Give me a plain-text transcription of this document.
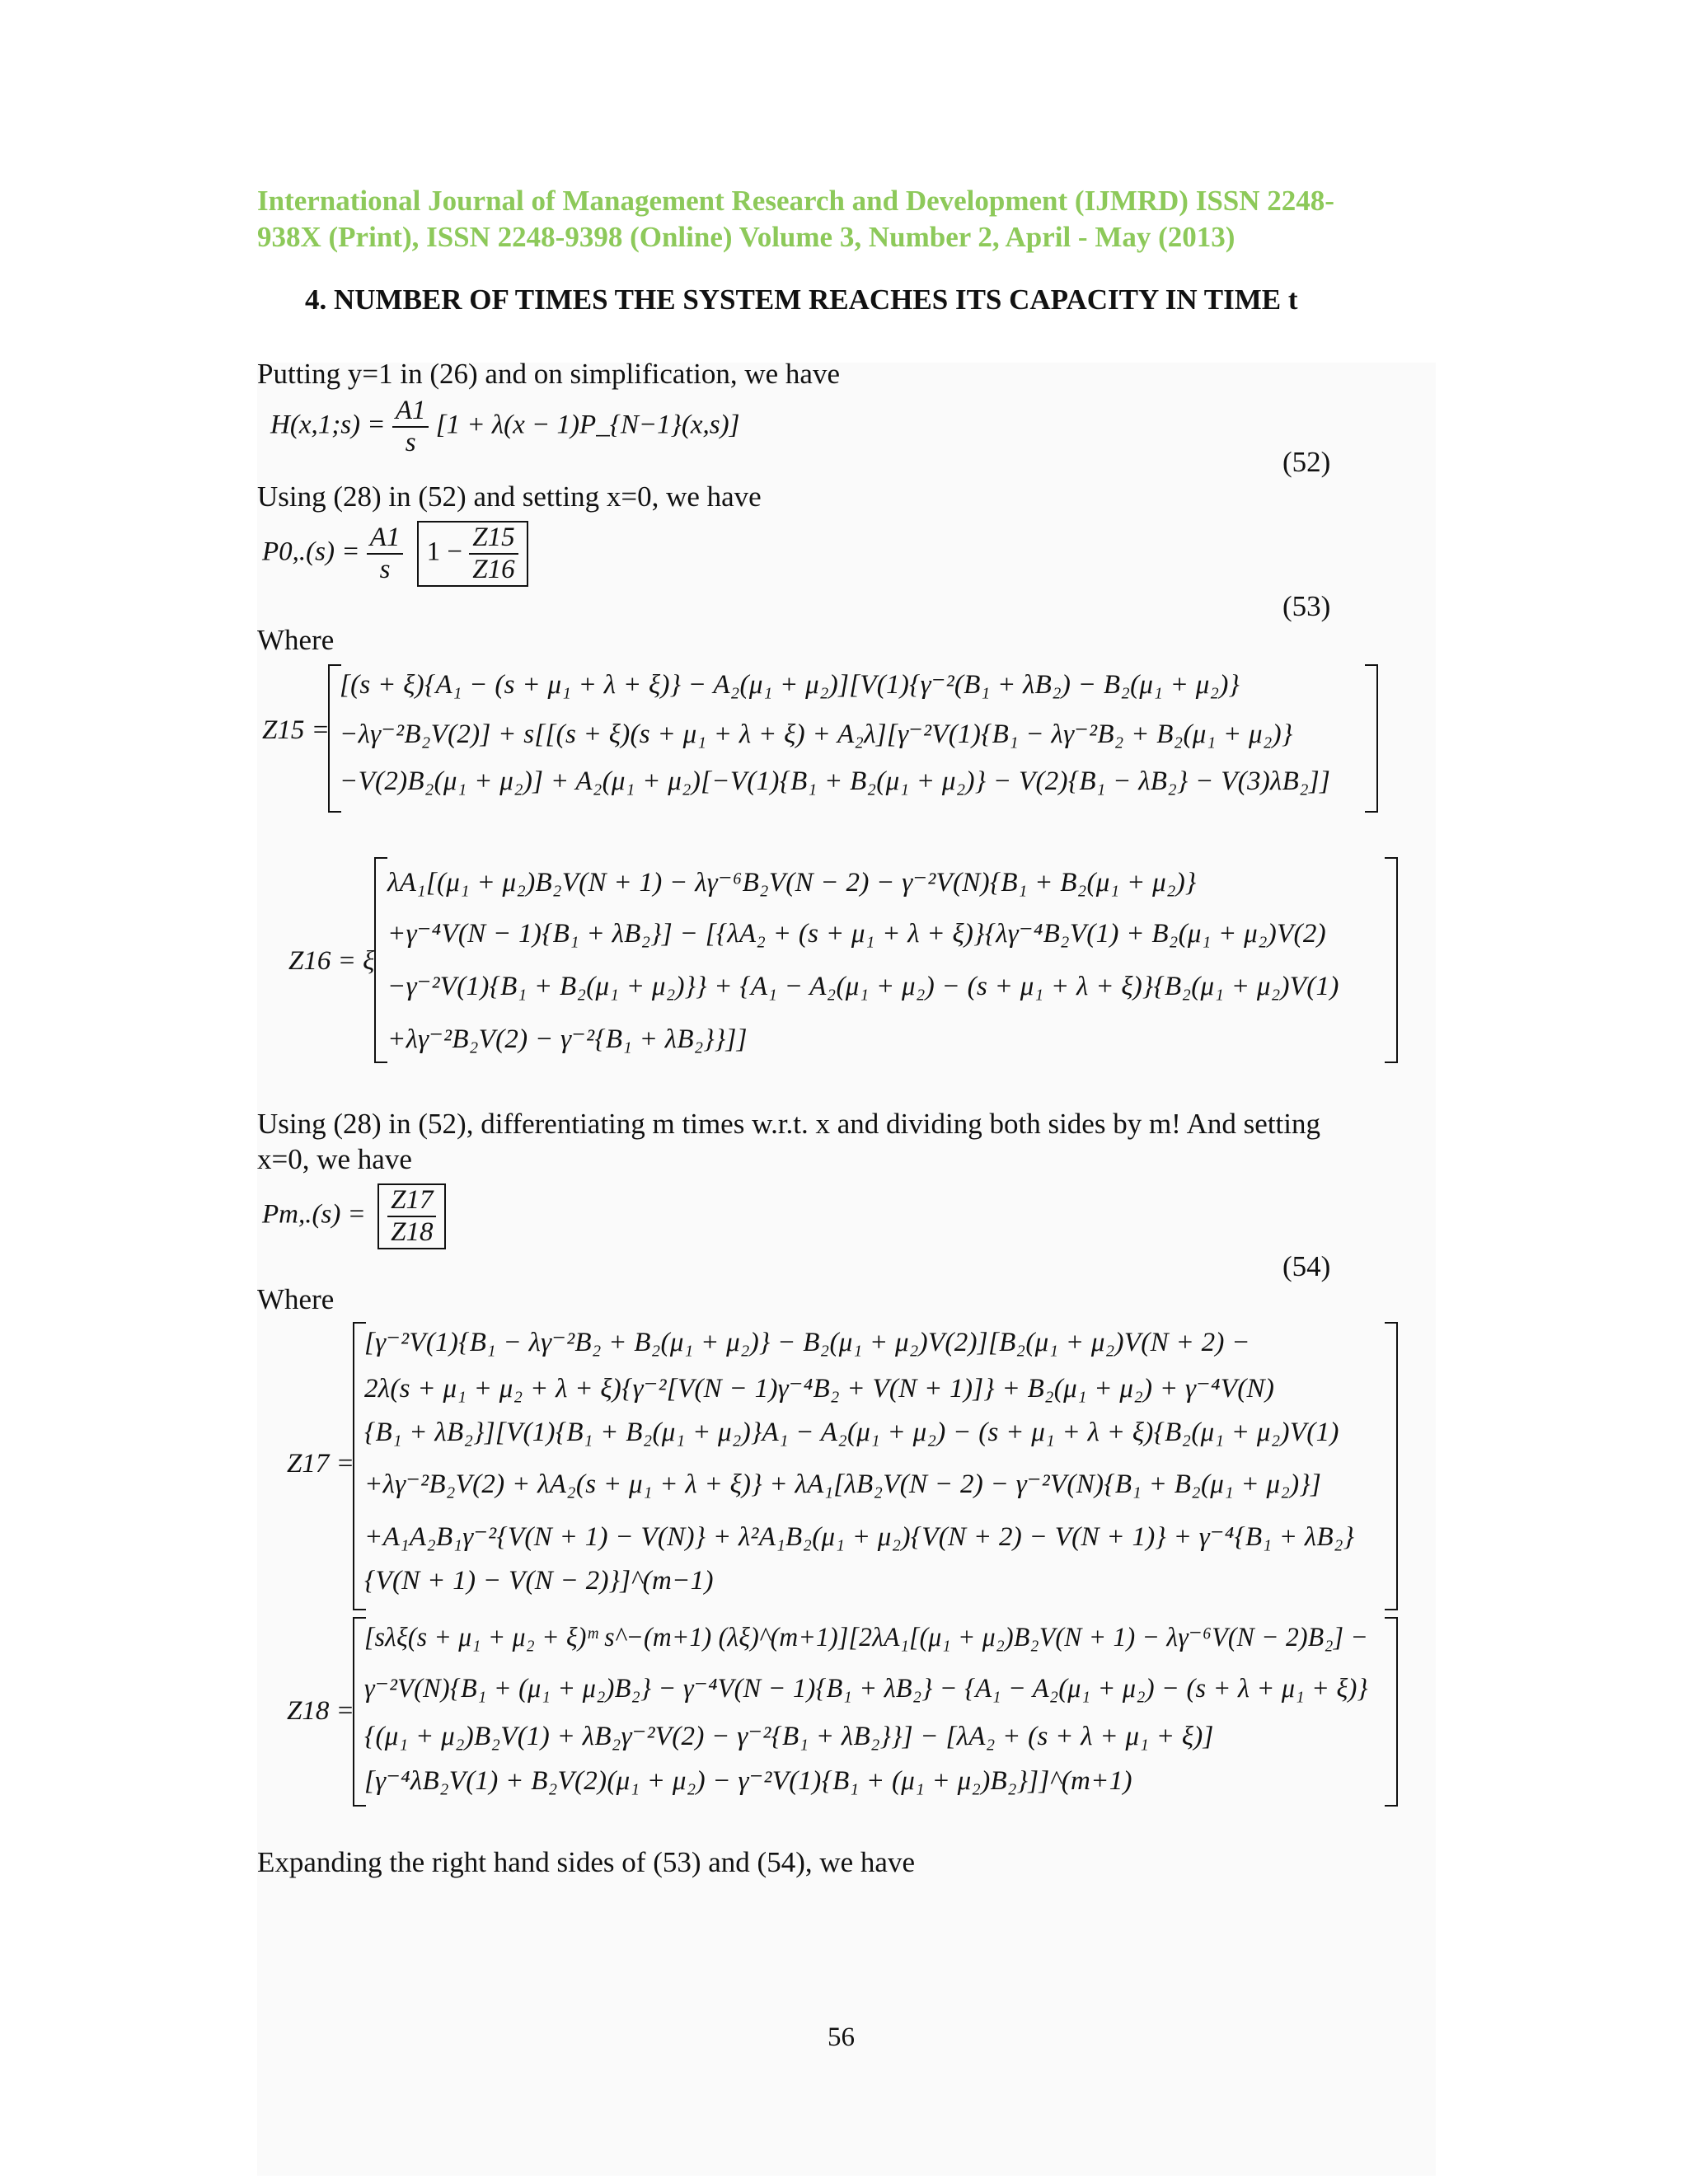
International Journal of Management Research and Development (IJMRD) ISSN 2248-
938X (Print), ISSN 2248-9398 (Online) Volume 3, Number 2, April - May (2013)
4. NUMBER OF TIMES THE SYSTEM REACHES ITS CAPACITY IN TIME t
Putting y=1 in (26) and on simplification, we have
H(x,1;s) = $\frac{A1}{s} [1 + \lambda(x$ − 1)P_{N−1}(x,s)]
(52)
Using (28) in (52) and setting x=0, we have
$P0,.(s) = \frac{A1}{s} 1 - \frac{Z15}{Z16}$
(53)
Where
Z15 =
[(s + ξ){A₁ − (s + μ₁ + λ + ξ)} − A₂(μ₁ + μ₂)][V(1){γ⁻²(B₁ + λB₂) − B₂(μ₁ + μ₂)}
−λγ⁻²B₂V(2)] + s[[(s + ξ)(s + μ₁ + λ + ξ) + A₂λ][γ⁻²V(1){B₁ − λγ⁻²B₂ + B₂(μ₁ + μ₂)}
−V(2)B₂(μ₁ + μ₂)] + A₂(μ₁ + μ₂)[−V(1){B₁ + B₂(μ₁ + μ₂)} − V(2){B₁ − λB₂} − V(3)λB₂]]
Z16 = ξ
λA₁[(μ₁ + μ₂)B₂V(N + 1) − λγ⁻⁶B₂V(N − 2) − γ⁻²V(N){B₁ + B₂(μ₁ + μ₂)}
+γ⁻⁴V(N − 1){B₁ + λB₂}] − [{λA₂ + (s + μ₁ + λ + ξ)}{λγ⁻⁴B₂V(1) + B₂(μ₁ + μ₂)V(2)
−γ⁻²V(1){B₁ + B₂(μ₁ + μ₂)}} + {A₁ − A₂(μ₁ + μ₂) − (s + μ₁ + λ + ξ)}{B₂(μ₁ + μ₂)V(1)
+λγ⁻²B₂V(2) − γ⁻²{B₁ + λB₂}}]]
Using (28) in (52), differentiating m times w.r.t. x and dividing both sides by m! And setting
x=0, we have
$Pm,.(s) = \frac{Z17}{Z18}$
(54)
Where
Z17 =
[γ⁻²V(1){B₁ − λγ⁻²B₂ + B₂(μ₁ + μ₂)} − B₂(μ₁ + μ₂)V(2)][B₂(μ₁ + μ₂)V(N + 2) −
2λ(s + μ₁ + μ₂ + λ + ξ){γ⁻²[V(N − 1)γ⁻⁴B₂ + V(N + 1)]} + B₂(μ₁ + μ₂) + γ⁻⁴V(N)
{B₁ + λB₂}][V(1){B₁ + B₂(μ₁ + μ₂)}A₁ − A₂(μ₁ + μ₂) − (s + μ₁ + λ + ξ){B₂(μ₁ + μ₂)V(1)
+λγ⁻²B₂V(2) + λA₂(s + μ₁ + λ + ξ)} + λA₁[λB₂V(N − 2) − γ⁻²V(N){B₁ + B₂(μ₁ + μ₂)}]
+A₁A₂B₁γ⁻²{V(N + 1) − V(N)} + λ²A₁B₂(μ₁ + μ₂){V(N + 2) − V(N + 1)} + γ⁻⁴{B₁ + λB₂}
{V(N + 1) − V(N − 2)}]^(m−1)
Z18 =
[sλξ(s + μ₁ + μ₂ + ξ)ᵐ s^−(m+1) (λξ)^(m+1)][2λA₁[(μ₁ + μ₂)B₂V(N + 1) − λγ⁻⁶V(N − 2)B₂] −
γ⁻²V(N){B₁ + (μ₁ + μ₂)B₂} − γ⁻⁴V(N − 1){B₁ + λB₂} − {A₁ − A₂(μ₁ + μ₂) − (s + λ + μ₁ + ξ)}
{(μ₁ + μ₂)B₂V(1) + λB₂γ⁻²V(2) − γ⁻²{B₁ + λB₂}}] − [λA₂ + (s + λ + μ₁ + ξ)]
[γ⁻⁴λB₂V(1) + B₂V(2)(μ₁ + μ₂) − γ⁻²V(1){B₁ + (μ₁ + μ₂)B₂}]]^(m+1)
Expanding the right hand sides of (53) and (54), we have
56
